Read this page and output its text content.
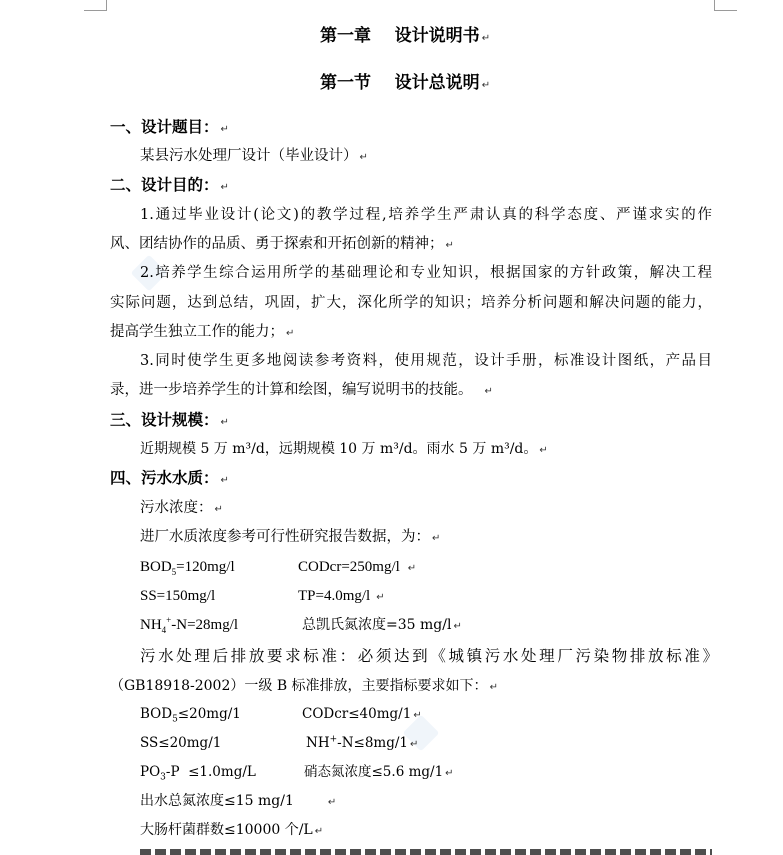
第一章    设计说明书 ↵
第一节    设计总说明 ↵
一、设计题目： ↵
某县污水处理厂设计（毕业设计） ↵
二、设计目的： ↵
1.通过毕业设计(论文)的教学过程,培养学生严肃认真的科学态度、严谨求实的作
风、团结协作的品质、勇于探索和开拓创新的精神； ↵
2.培养学生综合运用所学的基础理论和专业知识，根据国家的方针政策，解决工程
实际问题，达到总结，巩固，扩大，深化所学的知识；培养分析问题和解决问题的能力，
提高学生独立工作的能力； ↵
3.同时使学生更多地阅读参考资料，使用规范，设计手册，标准设计图纸，产品目
录，进一步培养学生的计算和绘图，编写说明书的技能。 ↵
三、设计规模： ↵
近期规模 5 万 m³/d，远期规模 10 万 m³/d。雨水 5 万 m³/d。 ↵
四、污水水质： ↵
污水浓度： ↵
进厂水质浓度参考可行性研究报告数据，为： ↵
$BOD_5=120mg/l$	CODcr=250mg/l ↵
SS=150mg/l	TP=4.0mg/l ↵
$NH_4^+-N=28mg/l$	总凯氏氮浓度=35 mg/l ↵
污水处理后排放要求标准：必须达到《城镇污水处理厂污染物排放标准》
（GB18918-2002）一级 B 标准排放，主要指标要求如下： ↵
$BOD_5\le 20mg/1$	CODcr≤40mg/1 ↵
SS≤20mg/1	NH+-N≤8mg/1 ↵
$PO_3-P \le 1.0mg/L$	硝态氮浓度≤5.6 mg/1 ↵
出水总氮浓度≤15 mg/1	↵
大肠杆菌群数≤10000 个/L ↵
